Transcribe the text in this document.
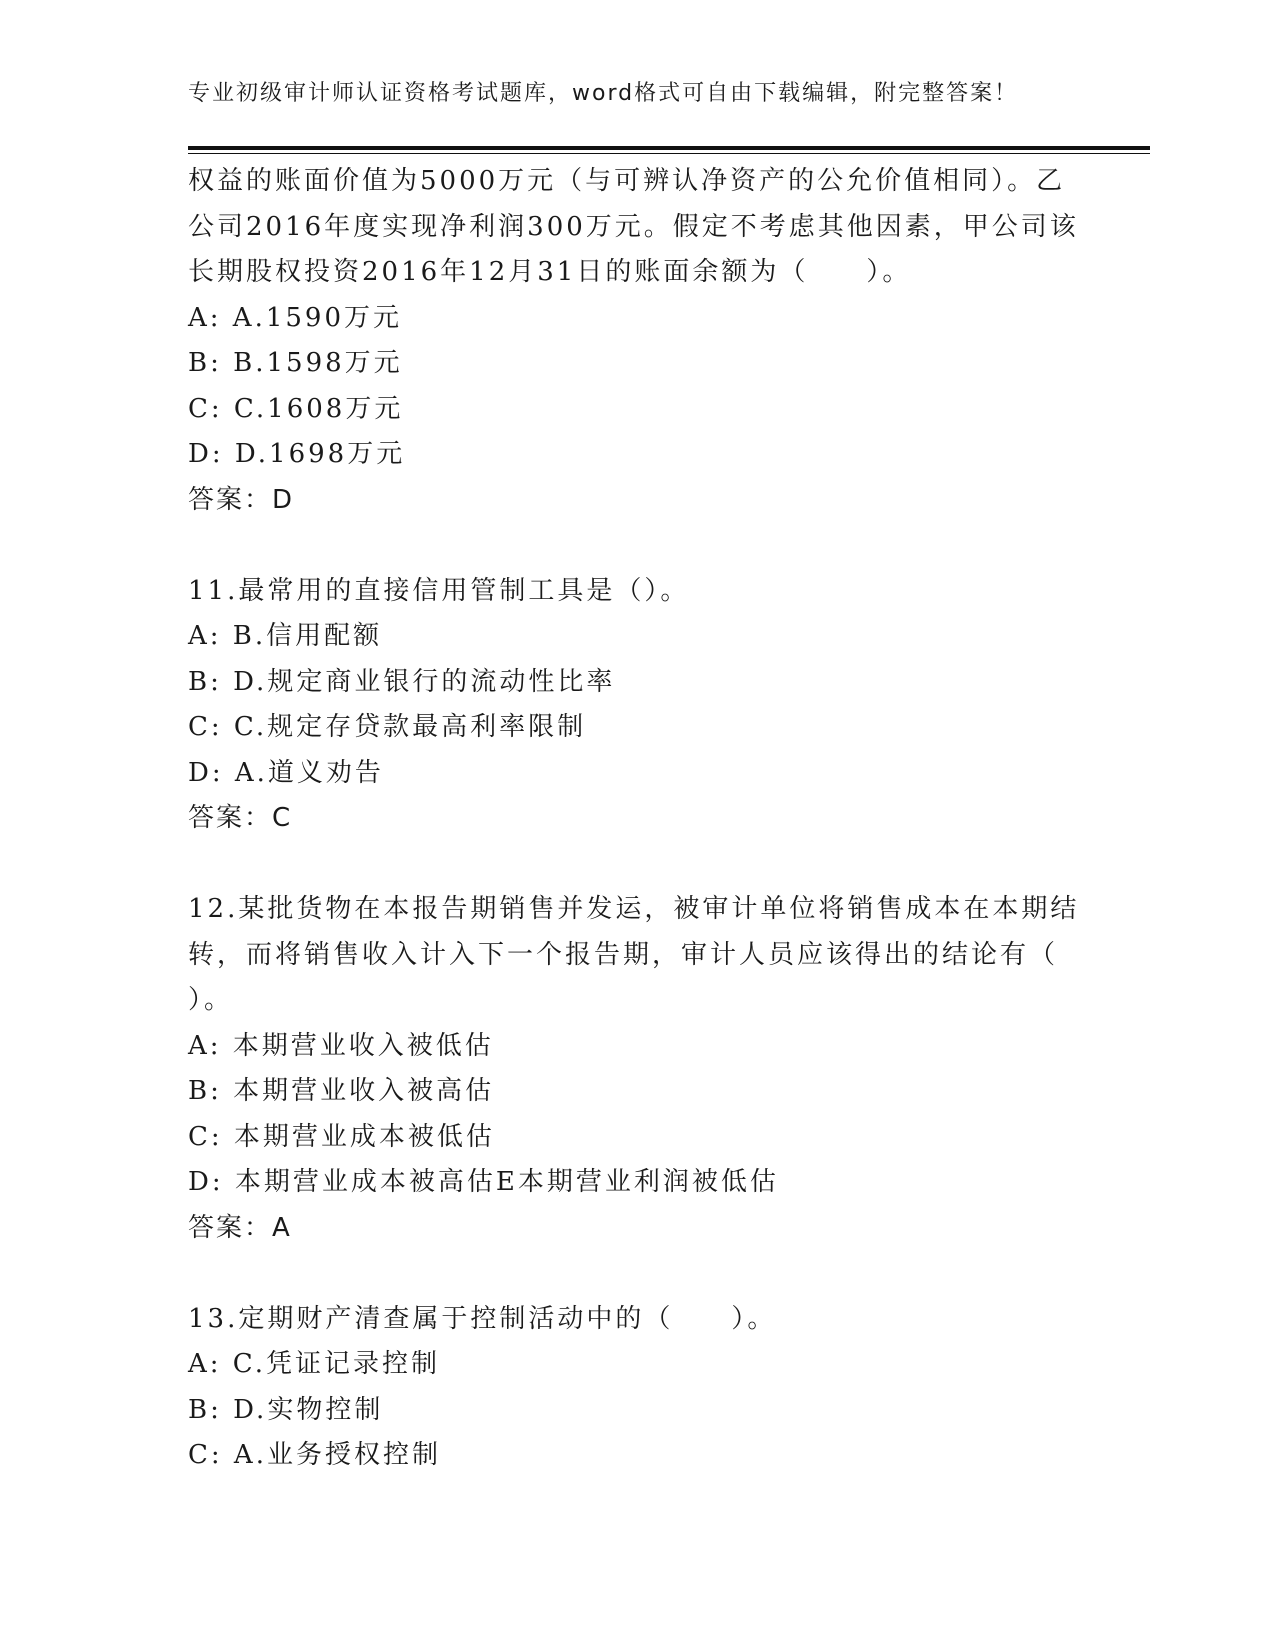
专业初级审计师认证资格考试题库，word格式可自由下载编辑，附完整答案！
权益的账面价值为5000万元（与可辨认净资产的公允价值相同）。乙
公司2016年度实现净利润300万元。假定不考虑其他因素，甲公司该
长期股权投资2016年12月31日的账面余额为（　　）。
A: A.1590万元
B: B.1598万元
C: C.1608万元
D: D.1698万元
答案：D
11.最常用的直接信用管制工具是（）。
A: B.信用配额
B: D.规定商业银行的流动性比率
C: C.规定存贷款最高利率限制
D: A.道义劝告
答案：C
12.某批货物在本报告期销售并发运，被审计单位将销售成本在本期结
转，而将销售收入计入下一个报告期，审计人员应该得出的结论有（
）。
A: 本期营业收入被低估
B: 本期营业收入被高估
C: 本期营业成本被低估
D: 本期营业成本被高估E本期营业利润被低估
答案：A
13.定期财产清查属于控制活动中的（　　）。
A: C.凭证记录控制
B: D.实物控制
C: A.业务授权控制
